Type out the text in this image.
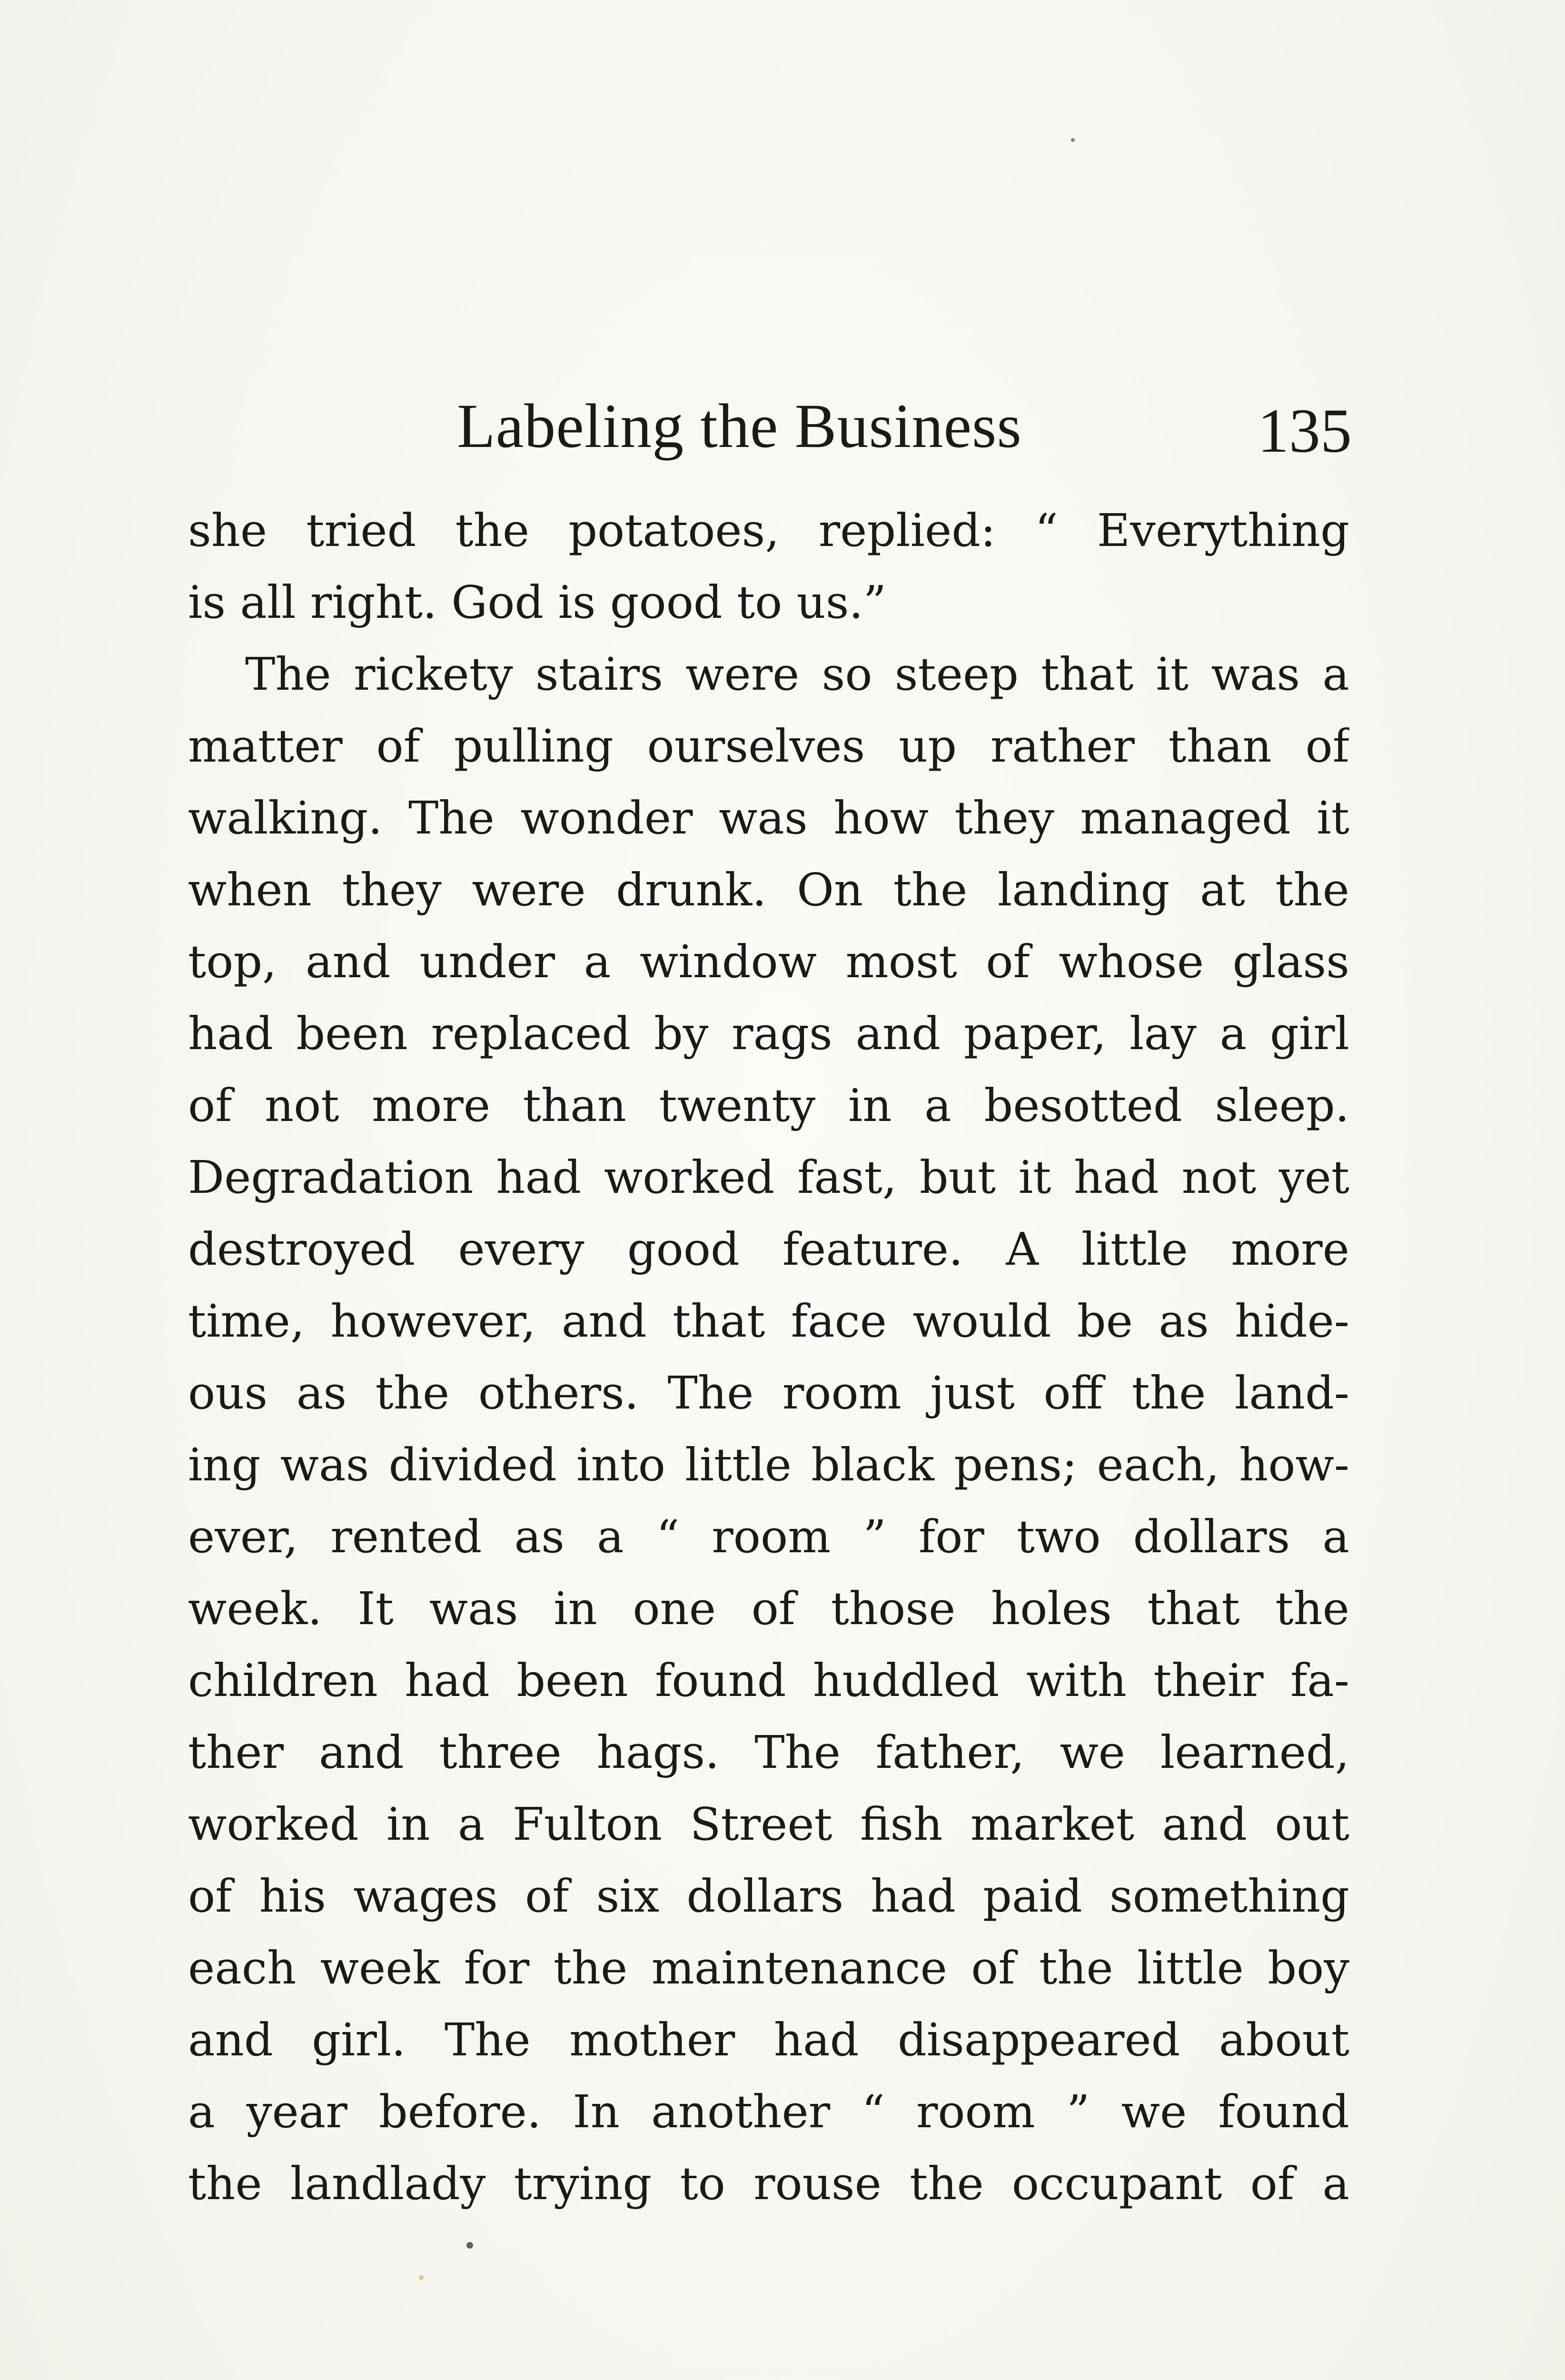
Labeling the Business	135
she tried the potatoes, replied: “ Everything
is all right. God is good to us.”
The rickety stairs were so steep that it was a
matter of pulling ourselves up rather than of
walking. The wonder was how they managed it
when they were drunk. On the landing at the
top, and under a window most of whose glass
had been replaced by rags and paper, lay a girl
of not more than twenty in a besotted sleep.
Degradation had worked fast, but it had not yet
destroyed every good feature. A little more
time, however, and that face would be as hide-
ous as the others. The room just off the land-
ing was divided into little black pens; each, how-
ever, rented as a “ room ” for two dollars a
week. It was in one of those holes that the
children had been found huddled with their fa-
ther and three hags. The father, we learned,
worked in a Fulton Street fish market and out
of his wages of six dollars had paid something
each week for the maintenance of the little boy
and girl. The mother had disappeared about
a year before. In another “ room ” we found
the landlady trying to rouse the occupant of a
